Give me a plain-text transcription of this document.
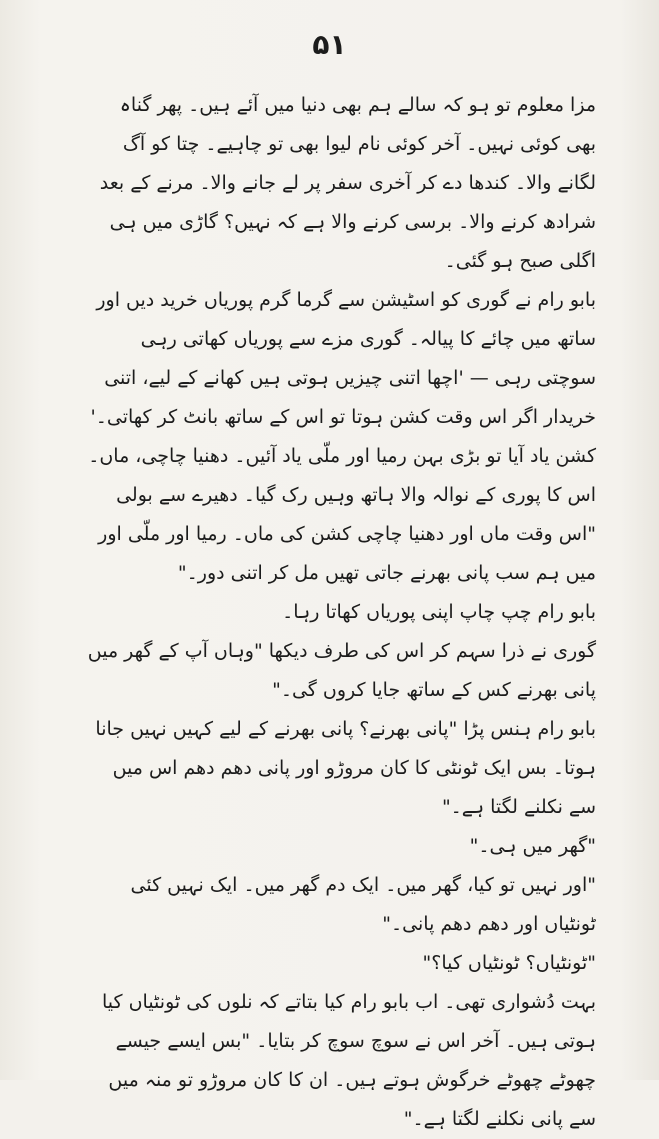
۵۱

مزا معلوم تو ہو کہ سالے ہم بھی دنیا میں آئے ہیں۔ پھر گناہ بھی کوئی نہیں۔ آخر کوئی نام لیوا بھی تو چاہیے۔ چتا کو آگ لگانے والا۔ کندھا دے کر آخری سفر پر لے جانے والا۔ مرنے کے بعد شرادھ کرنے والا۔ برسی کرنے والا ہے کہ نہیں؟ گاڑی میں ہی اگلی صبح ہو گئی۔

بابو رام نے گوری کو اسٹیشن سے گرما گرم پوریاں خرید دیں اور ساتھ میں چائے کا پیالہ۔ گوری مزے سے پوریاں کھاتی رہی سوچتی رہی — 'اچھا اتنی چیزیں ہوتی ہیں کھانے کے لیے، اتنی خریدار اگر اس وقت کشن ہوتا تو اس کے ساتھ بانٹ کر کھاتی۔'

کشن یاد آیا تو بڑی بہن رمیا اور ملّی یاد آئیں۔ دھنیا چاچی، ماں۔ اس کا پوری کے نوالہ والا ہاتھ وہیں رک گیا۔ دھیرے سے بولی "اس وقت ماں اور دھنیا چاچی کشن کی ماں۔ رمیا اور ملّی اور میں ہم سب پانی بھرنے جاتی تھیں مل کر اتنی دور۔"

بابو رام چپ چاپ اپنی پوریاں کھاتا رہا۔

گوری نے ذرا سہم کر اس کی طرف دیکھا "وہاں آپ کے گھر میں پانی بھرنے کس کے ساتھ جایا کروں گی۔"

بابو رام ہنس پڑا "پانی بھرنے؟ پانی بھرنے کے لیے کہیں نہیں جانا ہوتا۔ بس ایک ٹونٹی کا کان مروڑو اور پانی دھم دھم اس میں سے نکلنے لگتا ہے۔"

"گھر میں ہی۔"

"اور نہیں تو کیا، گھر میں۔ ایک دم گھر میں۔ ایک نہیں کئی ٹونٹیاں اور دھم دھم پانی۔"

"ٹونٹیاں؟ ٹونٹیاں کیا؟"

بہت دُشواری تھی۔ اب بابو رام کیا بتاتے کہ نلوں کی ٹونٹیاں کیا ہوتی ہیں۔ آخر اس نے سوچ سوچ کر بتایا۔ "بس ایسے جیسے چھوٹے چھوٹے خرگوش ہوتے ہیں۔ ان کا کان مروڑو تو منہ میں سے پانی نکلنے لگتا ہے۔"
